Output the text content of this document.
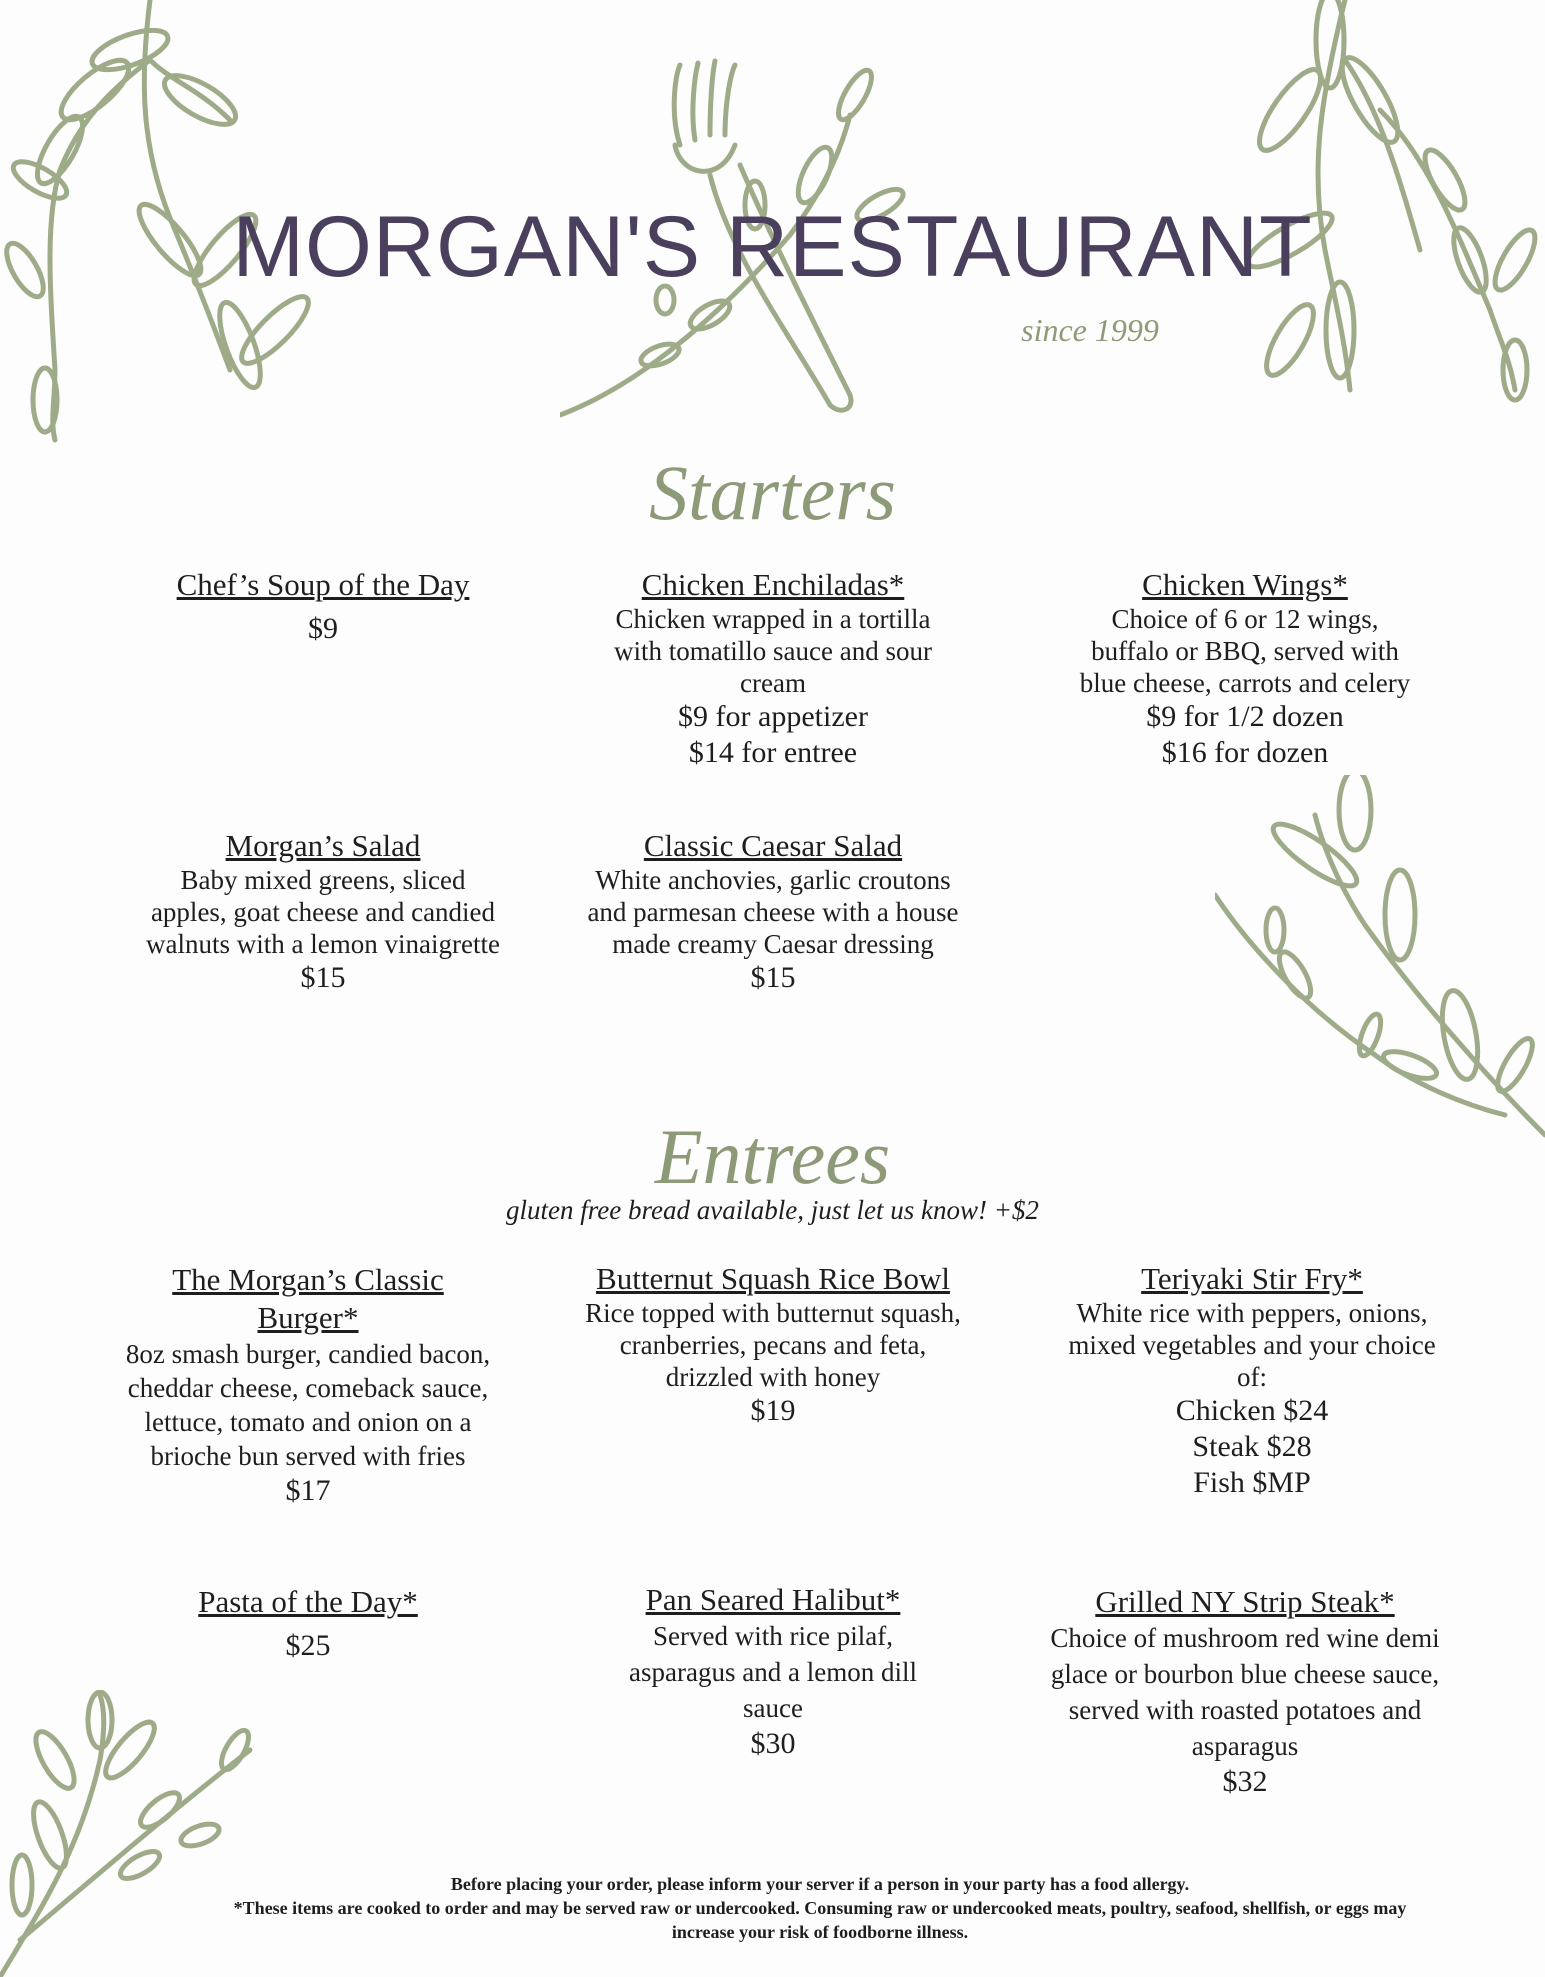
MORGAN'S RESTAURANT
since 1999
Starters
Chef’s Soup of the Day
$9
Chicken Enchiladas*
Chicken wrapped in a tortilla with tomatillo sauce and sour cream
$9 for appetizer
$14 for entree
Chicken Wings*
Choice of 6 or 12 wings, buffalo or BBQ, served with blue cheese, carrots and celery
$9 for 1/2 dozen
$16 for dozen
Morgan’s Salad
Baby mixed greens, sliced apples, goat cheese and candied walnuts with a lemon vinaigrette
$15
Classic Caesar Salad
White anchovies, garlic croutons and parmesan cheese with a house made creamy Caesar dressing
$15
Entrees
gluten free bread available, just let us know! +$2
The Morgan’s Classic Burger*
8oz smash burger, candied bacon, cheddar cheese, comeback sauce, lettuce, tomato and onion on a brioche bun served with fries
$17
Butternut Squash Rice Bowl
Rice topped with butternut squash, cranberries, pecans and feta, drizzled with honey
$19
Teriyaki Stir Fry*
White rice with peppers, onions, mixed vegetables and your choice of:
Chicken $24
Steak $28
Fish $MP
Pasta of the Day*
$25
Pan Seared Halibut*
Served with rice pilaf, asparagus and a lemon dill sauce
$30
Grilled NY Strip Steak*
Choice of mushroom red wine demi glace or bourbon blue cheese sauce, served with roasted potatoes and asparagus
$32
Before placing your order, please inform your server if a person in your party has a food allergy.
*These items are cooked to order and may be served raw or undercooked. Consuming raw or undercooked meats, poultry, seafood, shellfish, or eggs may increase your risk of foodborne illness.
